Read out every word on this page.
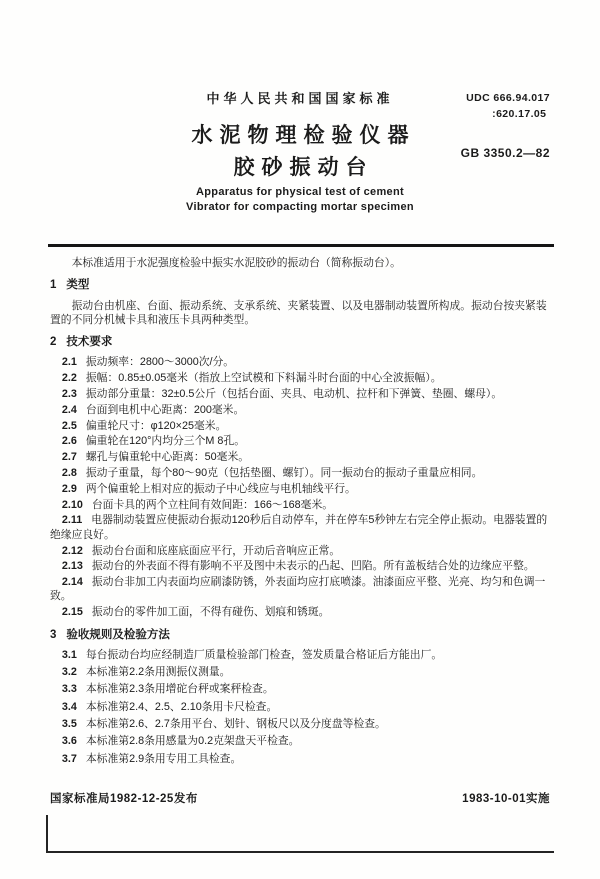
中华人民共和国国家标准	UDC 666.94.017
:620.17.05
水泥物理检验仪器
胶砂振动台
GB 3350.2—82
Apparatus for physical test of cement
Vibrator for compacting mortar specimen

本标准适用于水泥强度检验中振实水泥胶砂的振动台（简称振动台）。

1 类型

振动台由机座、台面、振动系统、支承系统、夹紧装置、以及电器制动装置所构成。振动台按夹紧装置的不同分机械卡具和液压卡具两种类型。

2 技术要求

2.1 振动频率：2800～3000次/分。

2.2 振幅：0.85±0.05毫米（指放上空试模和下料漏斗时台面的中心全波振幅）。

2.3 振动部分重量：32±0.5公斤（包括台面、夹具、电动机、拉杆和下弹簧、垫圈、螺母）。

2.4 台面到电机中心距离：200毫米。

2.5 偏重轮尺寸：φ120×25毫米。

2.6 偏重轮在120°内均分三个M 8孔。

2.7 螺孔与偏重轮中心距离：50毫米。

2.8 振动子重量，每个80～90克（包括垫圈、螺钉）。同一振动台的振动子重量应相同。

2.9 两个偏重轮上相对应的振动子中心线应与电机轴线平行。

2.10 台面卡具的两个立柱间有效间距：166～168毫米。

2.11 电器制动装置应使振动台振动120秒后自动停车，并在停车5秒钟左右完全停止振动。电器装置的绝缘应良好。

2.12 振动台台面和底座底面应平行，开动后音响应正常。

2.13 振动台的外表面不得有影响不平及图中未表示的凸起、凹陷。所有盖板结合处的边缘应平整。

2.14 振动台非加工内表面均应刷漆防锈，外表面均应打底喷漆。油漆面应平整、光亮、均匀和色调一致。

2.15 振动台的零件加工面，不得有碰伤、划痕和锈斑。

3 验收规则及检验方法

3.1 每台振动台均应经制造厂质量检验部门检查，签发质量合格证后方能出厂。

3.2 本标准第2.2条用测振仪测量。

3.3 本标准第2.3条用增砣台秤或案秤检查。

3.4 本标准第2.4、2.5、2.10条用卡尺检查。

3.5 本标准第2.6、2.7条用平台、划针、钢板尺以及分度盘等检查。

3.6 本标准第2.8条用感量为0.2克架盘天平检查。

3.7 本标准第2.9条用专用工具检查。

国家标准局1982-12-25发布	1983-10-01实施
